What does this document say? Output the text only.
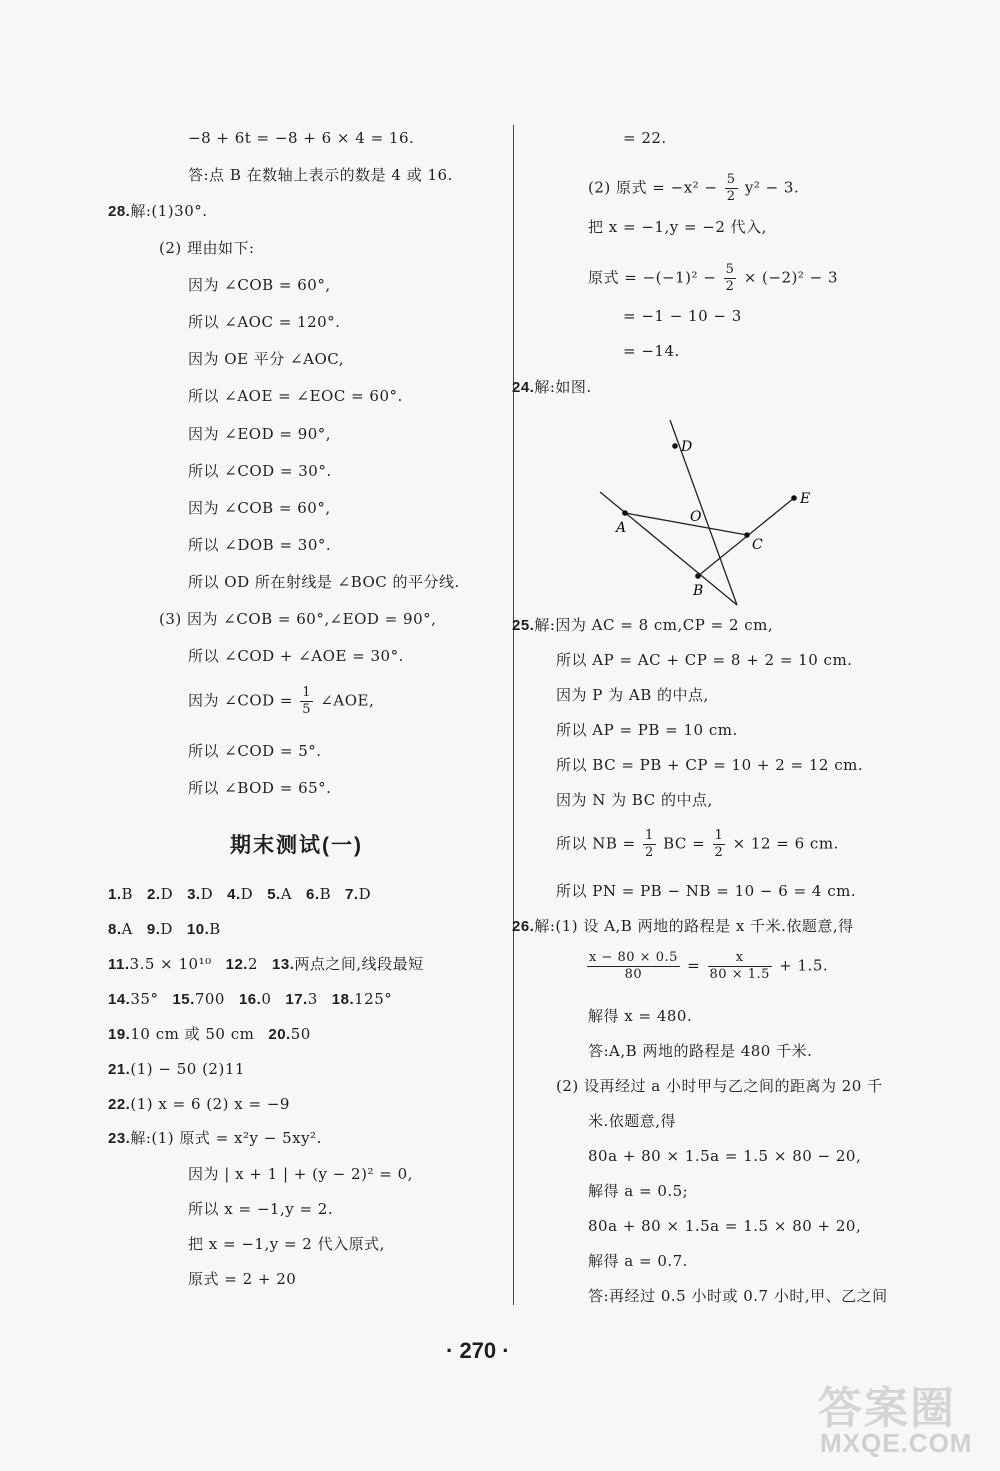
−8 + 6t = −8 + 6 × 4 = 16.
答:点 B 在数轴上表示的数是 4 或 16.
28.解:(1)30°.
(2) 理由如下:
因为 ∠COB = 60°,
所以 ∠AOC = 120°.
因为 OE 平分 ∠AOC,
所以 ∠AOE = ∠EOC = 60°.
因为 ∠EOD = 90°,
所以 ∠COD = 30°.
因为 ∠COB = 60°,
所以 ∠DOB = 30°.
所以 OD 所在射线是 ∠BOC 的平分线.
(3) 因为 ∠COB = 60°,∠EOD = 90°,
所以 ∠COD + ∠AOE = 30°.
因为 ∠COD = $\frac{1}{5}$ ∠AOE,
所以 ∠COD = 5°.
所以 ∠BOD = 65°.
期末测试(一)
1.B 2.D 3.D 4.D 5.A 6.B 7.D
8.A 9.D 10.B
11.3.5 × 10¹⁰ 12.2 13.两点之间,线段最短
14.35° 15.700 16.0 17.3 18.125°
19.10 cm 或 50 cm 20.50
21.(1) − 50 (2)11
22.(1) x = 6 (2) x = −9
23.解:(1) 原式 = x²y − 5xy².
因为 | x + 1 | + (y − 2)² = 0,
所以 x = −1,y = 2.
把 x = −1,y = 2 代入原式,
原式 = 2 + 20
= 22.
(2) 原式 = $-x^2 - \frac{5}{2} y^2 - 3$.
把 x = −1,y = −2 代入,
原式 = $-(-1)^2 - \frac{5}{2} \times (-2)^2 - 3$
= −1 − 10 − 3
= −14.
24.解:如图.
D
E
O
A
C
B
25.解:因为 AC = 8 cm,CP = 2 cm,
所以 AP = AC + CP = 8 + 2 = 10 cm.
因为 P 为 AB 的中点,
所以 AP = PB = 10 cm.
所以 BC = PB + CP = 10 + 2 = 12 cm.
因为 N 为 BC 的中点,
所以 NB = $\frac{1}{2}$ BC = $\frac{1}{2} \times 12 = 6$ cm.
所以 PN = PB − NB = 10 − 6 = 4 cm.
26.解:(1) 设 A,B 两地的路程是 x 千米.依题意,得
$\frac{x - 80 \times 0.5}{80} = \frac{x}{80 \times 1.5} + 1.5$.
解得 x = 480.
答:A,B 两地的路程是 480 千米.
(2) 设再经过 a 小时甲与乙之间的距离为 20 千
米.依题意,得
80a + 80 × 1.5a = 1.5 × 80 − 20,
解得 a = 0.5;
80a + 80 × 1.5a = 1.5 × 80 + 20,
解得 a = 0.7.
答:再经过 0.5 小时或 0.7 小时,甲、乙之间
· 270 ·
答案圈
MXQE.COM
